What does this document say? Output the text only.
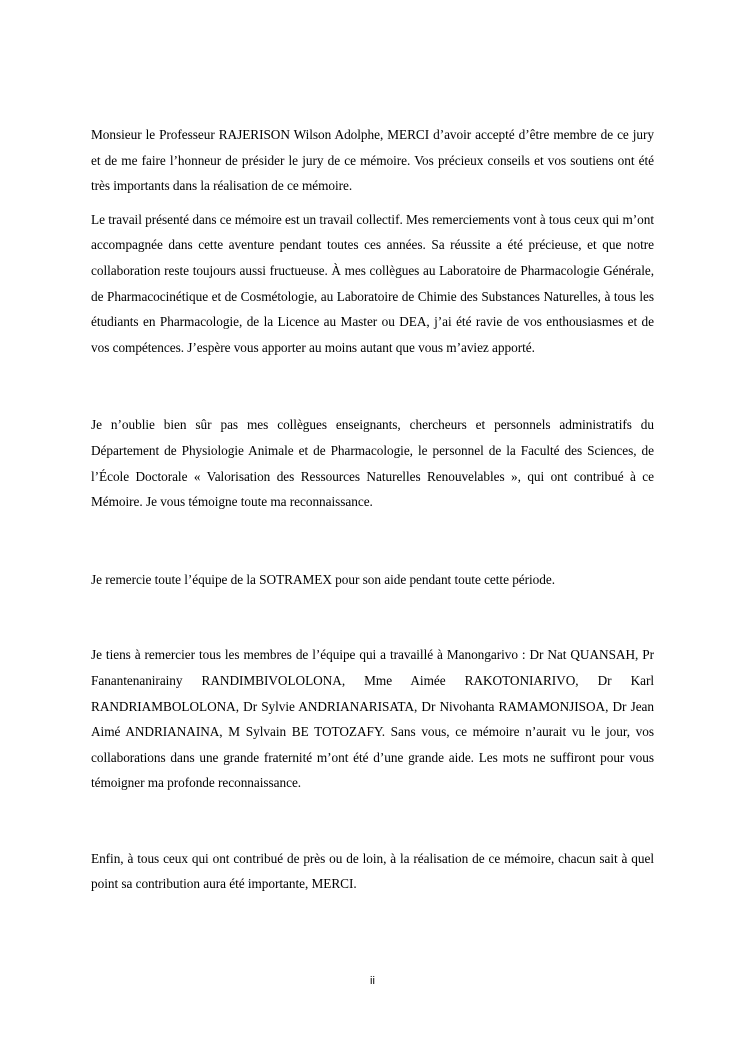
Monsieur le Professeur RAJERISON Wilson Adolphe, MERCI d’avoir accepté d’être membre de ce jury et de me faire l’honneur de présider le jury de ce mémoire. Vos précieux conseils et vos soutiens ont été très importants dans la réalisation de ce mémoire.

Le travail présenté dans ce mémoire est un travail collectif. Mes remerciements vont à tous ceux qui m’ont accompagnée dans cette aventure pendant toutes ces années. Sa réussite a été précieuse, et que notre collaboration reste toujours aussi fructueuse. À mes collègues au Laboratoire de Pharmacologie Générale, de Pharmacocinétique et de Cosmétologie, au Laboratoire de Chimie des Substances Naturelles, à tous les étudiants en Pharmacologie, de la Licence au Master ou DEA, j’ai été ravie de vos enthousiasmes et de vos compétences. J’espère vous apporter au moins autant que vous m’aviez apporté.

Je n’oublie bien sûr pas mes collègues enseignants, chercheurs et personnels administratifs du Département de Physiologie Animale et de Pharmacologie, le personnel de la Faculté des Sciences, de l’École Doctorale « Valorisation des Ressources Naturelles Renouvelables », qui ont contribué à ce Mémoire. Je vous témoigne toute ma reconnaissance.

Je remercie toute l’équipe de la SOTRAMEX pour son aide pendant toute cette période.

Je tiens à remercier tous les membres de l’équipe qui a travaillé à Manongarivo : Dr Nat QUANSAH, Pr Fanantenanirainy RANDIMBIVOLOLONA, Mme Aimée RAKOTONIARIVO, Dr Karl RANDRIAMBOLOLONA, Dr Sylvie ANDRIANARISATA, Dr Nivohanta RAMAMONJISOA, Dr Jean Aimé ANDRIANAINA, M Sylvain BE TOTOZAFY. Sans vous, ce mémoire n’aurait vu le jour, vos collaborations dans une grande fraternité m’ont été d’une grande aide. Les mots ne suffiront pour vous témoigner ma profonde reconnaissance.

Enfin, à tous ceux qui ont contribué de près ou de loin, à la réalisation de ce mémoire, chacun sait à quel point sa contribution aura été importante, MERCI.

ii
